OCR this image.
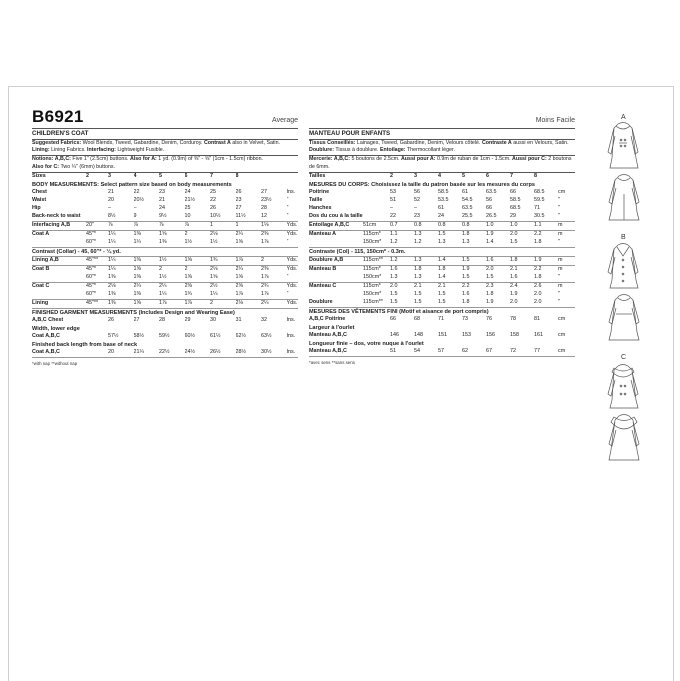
B6921	Average	Moins Facile
CHILDREN'S COAT
Suggested Fabrics: Wool Blends, Tweed, Gabardine, Denim, Corduroy. Contrast A also in Velvet, Satin. Lining: Lining Fabrics. Interfacing: Lightweight Fusible.
Notions: A,B,C: Five 1" (2.5cm) buttons. Also for A: 1 yd. (0.9m) of ⅜" - ⅝" (1cm - 1.5cm) ribbon.
Also for C: Two ¼" (6mm) buttons.
Sizes	2	3	4	5	6	7	8
BODY MEASUREMENTS: Select pattern size based on body measurements
Chest	21	22	23	24	25	26	27	Ins.
Waist	20	20½	21	21½	22	23	23½	"
Hip	–	–	24	25	26	27	28	"
Back-neck to waist	8½	9	9½	10	10½	11½	12	"
Interfacing A,B	20"	⅞	⅞	⅞	⅞	1	1	1⅛	Yds.
Coat A	45"*	1¼	1⅜	1⅝	2	2⅛	2¼	2⅜	Yds.
60"*	1¼	1¼	1⅜	1½	1½	1⅝	1⅞	"
Contrast (Collar) - 45, 60"* - ¼ yd.
Lining A,B	45"**	1¼	1⅜	1½	1⅝	1¾	1⅞	2	Yds.
Coat B	45"*	1¼	1⅝	2	2	2⅛	2¼	2⅜	Yds.
60"*	1⅜	1⅜	1½	1⅝	1⅝	1⅝	1⅞	"
Coat C	45"*	2⅛	2¼	2¼	2⅜	2½	2⅝	2¾	Yds.
60"*	1⅜	1⅜	1¼	1¾	1¼	1⅞	1⅞	"
Lining	45"**	1⅜	1⅝	1⅞	1⅞	2	2⅛	2¼	Yds.
FINISHED GARMENT MEASUREMENTS (Includes Design and Wearing Ease)
A,B,C Chest	26	27	28	29	30	31	32	Ins.
Width, lower edge
Coat A,B,C	57½	58½	59½	60½	61½	62½	63½	Ins.
Finished back length from base of neck
Coat A,B,C	20	21¼	22½	24½	26½	28½	30½	Ins.
*with nap **without nap
MANTEAU POUR ENFANTS
Tissus Conseillés: Lainages, Tweed, Gabardine, Denim, Velours côtelé. Contraste A aussi en Velours, Satin. Doublure: Tissus à doublure. Entoilage: Thermocollant léger.
Mercerie: A,B,C: 5 boutons de 2.5cm. Aussi pour A: 0.9m de ruban de 1cm - 1.5cm. Aussi pour C: 2 boutons de 6mm.
Tailles	2	3	4	5	6	7	8
MESURES DU CORPS: Choisissez la taille du patron basée sur les mesures du corps
Poitrine	53	56	58.5	61	63.5	66	68.5	cm
Taille	51	52	53.5	54.5	56	58.5	59.5	"
Hanches	–	–	61	63.5	66	68.5	71	"
Dos du cou à la taille	22	23	24	25.5	26.5	29	30.5	"
Entoilage A,B,C	51cm	0.7	0.8	0.8	0.8	1.0	1.0	1.1	m
Manteau A	115cm*	1.1	1.3	1.5	1.8	1.9	2.0	2.2	m
150cm*	1.2	1.2	1.3	1.3	1.4	1.5	1.8	"
Contraste (Col) - 115, 150cm* - 0.3m.
Doublure A,B	115cm**	1.2	1.3	1.4	1.5	1.6	1.8	1.9	m
Manteau B	115cm*	1.6	1.8	1.8	1.9	2.0	2.1	2.2	m
150cm*	1.3	1.3	1.4	1.5	1.5	1.6	1.8	"
Manteau C	115cm*	2.0	2.1	2.1	2.2	2.3	2.4	2.6	m
150cm*	1.5	1.5	1.5	1.6	1.8	1.9	2.0	"
Doublure	115cm**	1.5	1.5	1.5	1.8	1.9	2.0	2.0	"
MESURES DES VÊTEMENTS FINI (Motif et aisance de port compris)
A,B,C Poitrine	66	68	71	73	76	78	81	cm
Largeur à l'ourlet
Manteau A,B,C	146	148	151	153	156	158	161	cm
Longueur finie – dos, votre nuque à l'ourlet
Manteau A,B,C	51	54	57	62	67	72	77	cm
*avec sens **sans sens
A
B
C
